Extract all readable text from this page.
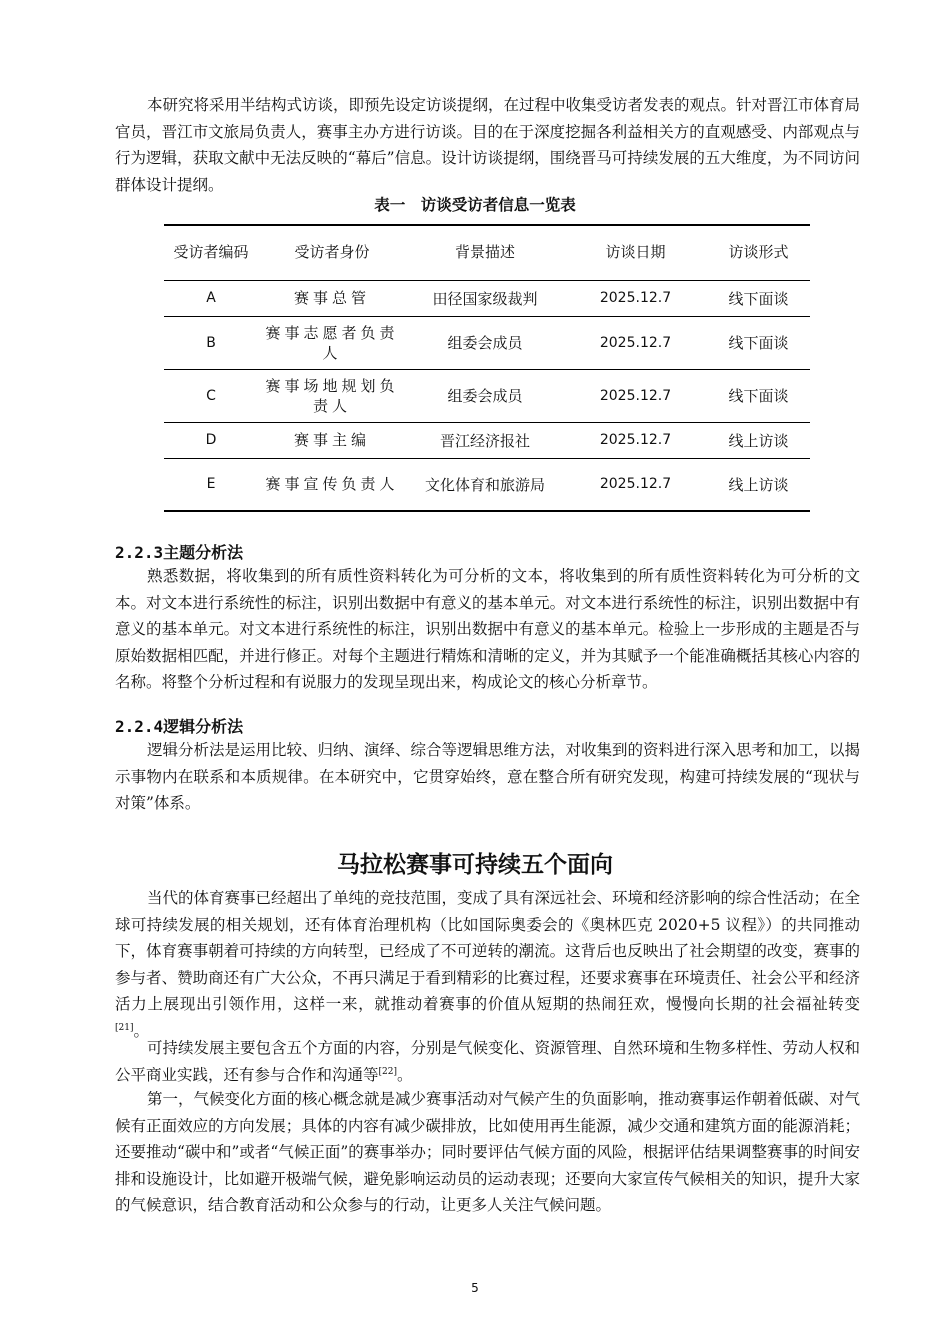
本研究将采用半结构式访谈，即预先设定访谈提纲，在过程中收集受访者发表的观点。针对晋江市体育局官员，晋江市文旅局负责人，赛事主办方进行访谈。目的在于深度挖掘各利益相关方的直观感受、内部观点与行为逻辑，获取文献中无法反映的“幕后”信息。设计访谈提纲，围绕晋马可持续发展的五大维度，为不同访问群体设计提纲。

表一　访谈受访者信息一览表
受访者编码	受访者身份	背景描述	访谈日期	访谈形式
A	赛事总管	田径国家级裁判	2025.12.7	线下面谈
B	赛事志愿者负责人	组委会成员	2025.12.7	线下面谈
C	赛事场地规划负责人	组委会成员	2025.12.7	线下面谈
D	赛事主编	晋江经济报社	2025.12.7	线上访谈
E	赛事宣传负责人	文化体育和旅游局	2025.12.7	线上访谈
2.2.3主题分析法

熟悉数据，将收集到的所有质性资料转化为可分析的文本，将收集到的所有质性资料转化为可分析的文本。对文本进行系统性的标注，识别出数据中有意义的基本单元。对文本进行系统性的标注，识别出数据中有意义的基本单元。对文本进行系统性的标注，识别出数据中有意义的基本单元。检验上一步形成的主题是否与原始数据相匹配，并进行修正。对每个主题进行精炼和清晰的定义，并为其赋予一个能准确概括其核心内容的名称。将整个分析过程和有说服力的发现呈现出来，构成论文的核心分析章节。

2.2.4逻辑分析法

逻辑分析法是运用比较、归纳、演绎、综合等逻辑思维方法，对收集到的资料进行深入思考和加工，以揭示事物内在联系和本质规律。在本研究中，它贯穿始终，意在整合所有研究发现，构建可持续发展的“现状与对策”体系。

马拉松赛事可持续五个面向

当代的体育赛事已经超出了单纯的竞技范围，变成了具有深远社会、环境和经济影响的综合性活动；在全球可持续发展的相关规划，还有体育治理机构（比如国际奥委会的《奥林匹克 2020+5 议程》）的共同推动下，体育赛事朝着可持续的方向转型，已经成了不可逆转的潮流。这背后也反映出了社会期望的改变，赛事的参与者、赞助商还有广大公众，不再只满足于看到精彩的比赛过程，还要求赛事在环境责任、社会公平和经济活力上展现出引领作用，这样一来，就推动着赛事的价值从短期的热闹狂欢，慢慢向长期的社会福祉转变[21]。

可持续发展主要包含五个方面的内容，分别是气候变化、资源管理、自然环境和生物多样性、劳动人权和公平商业实践，还有参与合作和沟通等[22]。

第一，气候变化方面的核心概念就是减少赛事活动对气候产生的负面影响，推动赛事运作朝着低碳、对气候有正面效应的方向发展；具体的内容有减少碳排放，比如使用再生能源，减少交通和建筑方面的能源消耗；还要推动“碳中和”或者“气候正面”的赛事举办；同时要评估气候方面的风险，根据评估结果调整赛事的时间安排和设施设计，比如避开极端气候，避免影响运动员的运动表现；还要向大家宣传气候相关的知识，提升大家的气候意识，结合教育活动和公众参与的行动，让更多人关注气候问题。

5
